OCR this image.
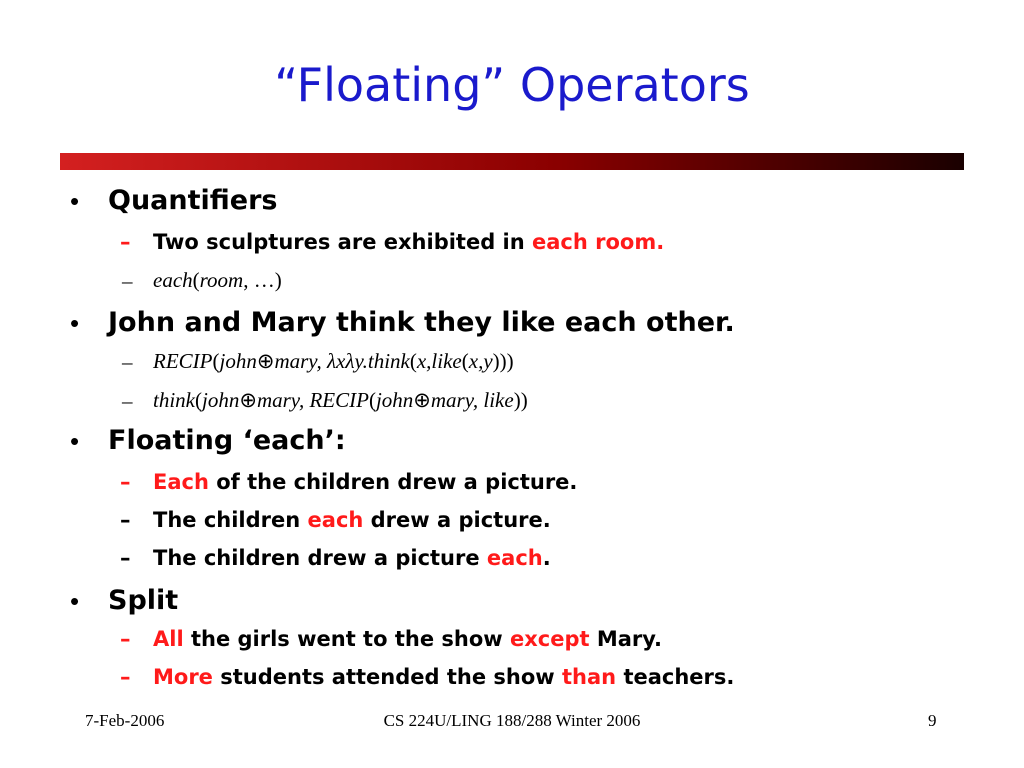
“Floating” Operators
• Quantifiers
– Two sculptures are exhibited in each room.
– each(room, …)
• John and Mary think they like each other.
– RECIP(john⊕mary, λxλy.think(x,like(x,y)))
– think(john⊕mary, RECIP(john⊕mary, like))
• Floating ‘each’:
– Each of the children drew a picture.
– The children each drew a picture.
– The children drew a picture each.
• Split
– All the girls went to the show except Mary.
– More students attended the show than teachers.
7-Feb-2006	CS 224U/LING 188/288 Winter 2006	9
